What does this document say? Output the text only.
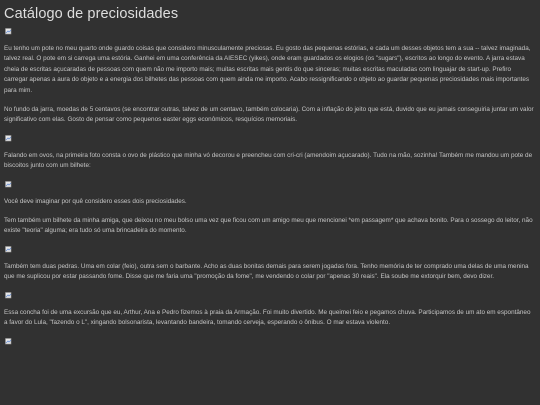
Catálogo de preciosidades

Eu tenho um pote no meu quarto onde guardo coisas que considero minusculamente preciosas. Eu gosto das pequenas estórias, e cada um desses objetos tem a sua -- talvez imaginada, talvez real. O pote em si carrega uma estória. Ganhei em uma conferência da AIESEC (yikes), onde eram guardados os elogios (os "sugars"), escritos ao longo do evento. A jarra estava cheia de escritas açucaradas de pessoas com quem não me importo mais; muitas escritas mais gentis do que sinceras; muitas escritas maculadas com linguajar de start-up. Prefiro carregar apenas a aura do objeto e a energia dos bilhetes das pessoas com quem ainda me importo. Acabo ressignificando o objeto ao guardar pequenas preciosidades mais importantes para mim.

No fundo da jarra, moedas de 5 centavos (se encontrar outras, talvez de um centavo, também colocaria). Com a inflação do jeito que está, duvido que eu jamais conseguiria juntar um valor significativo com elas. Gosto de pensar como pequenos easter eggs econômicos, resquícios memoriais.

Falando em ovos, na primeira foto consta o ovo de plástico que minha vó decorou e preencheu com cri-cri (amendoim açucarado). Tudo na mão, sozinha! Também me mandou um pote de biscoitos junto com um bilhete:

Você deve imaginar por quê considero esses dois preciosidades.

Tem também um bilhete da minha amiga, que deixou no meu bolso uma vez que ficou com um amigo meu que mencionei *em passagem* que achava bonito. Para o sossego do leitor, não existe "teoria" alguma; era tudo só uma brincadeira do momento.

Também tem duas pedras. Uma em colar (feio), outra sem o barbante. Acho as duas bonitas demais para serem jogadas fora. Tenho memória de ter comprado uma delas de uma menina que me suplicou por estar passando fome. Disse que me faria uma "promoção da fome", me vendendo o colar por "apenas 30 reais". Ela soube me extorquir bem, devo dizer.

Essa concha foi de uma excursão que eu, Arthur, Ana e Pedro fizemos à praia da Armação. Foi muito divertido. Me queimei feio e pegamos chuva. Participamos de um ato em espontâneo a favor do Lula, "fazendo o L", xingando bolsonarista, levantando bandeira, tomando cerveja, esperando o ônibus. O mar estava violento.
